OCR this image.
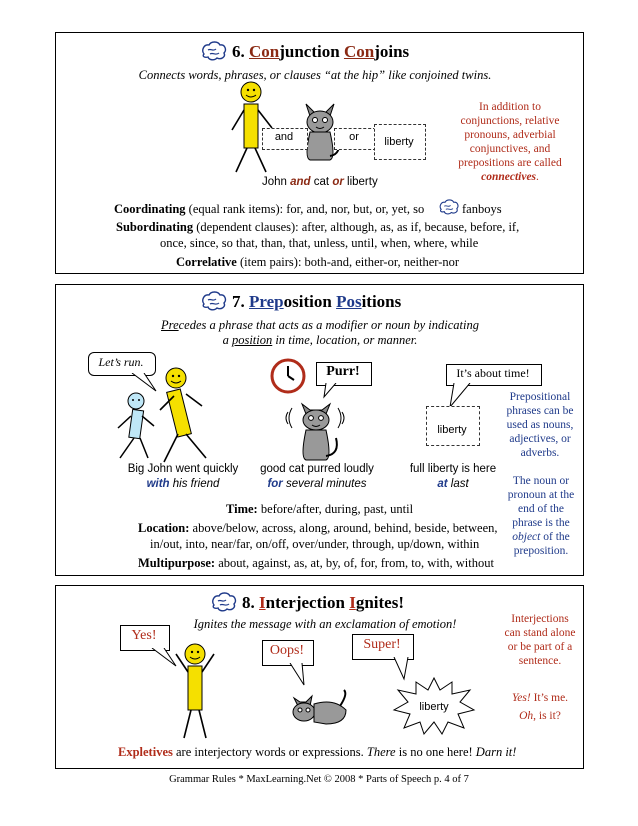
6. Conjunction Conjoins
Connects words, phrases, or clauses “at the hip” like conjoined twins.
and	or	liberty
John and cat or liberty
In addition to conjunctions, relative pronouns, adverbial conjunctives, and prepositions are called connectives.
Coordinating (equal rank items): for, and, nor, but, or, yet, so	fanboys
Subordinating (dependent clauses): after, although, as, as if, because, before, if,
once, since, so that, than, that, unless, until, when, where, while
Correlative (item pairs): both-and, either-or, neither-nor
7. Preposition Positions
Precedes a phrase that acts as a modifier or noun by indicating
a position in time, location, or manner.
Let’s run.
Purr!	It’s about time!
liberty
Big John went quickly
with his friend
good cat purred loudly
for several minutes
full liberty is here
at last
Prepositional phrases can be used as nouns, adjectives, or adverbs.
The noun or pronoun at the end of the phrase is the object of the preposition.
Time: before/after, during, past, until
Location: above/below, across, along, around, behind, beside, between,
in/out, into, near/far, on/off, over/under, through, up/down, within
Multipurpose: about, against, as, at, by, of, for, from, to, with, without
8. Interjection Ignites!
Ignites the message with an exclamation of emotion!
Yes!
Oops!	Super!
liberty
Interjections can stand alone or be part of a sentence.
Yes! It’s me.
Oh, is it?
Expletives are interjectory words or expressions. There is no one here! Darn it!
Grammar Rules * MaxLearning.Net © 2008 * Parts of Speech p. 4 of 7
